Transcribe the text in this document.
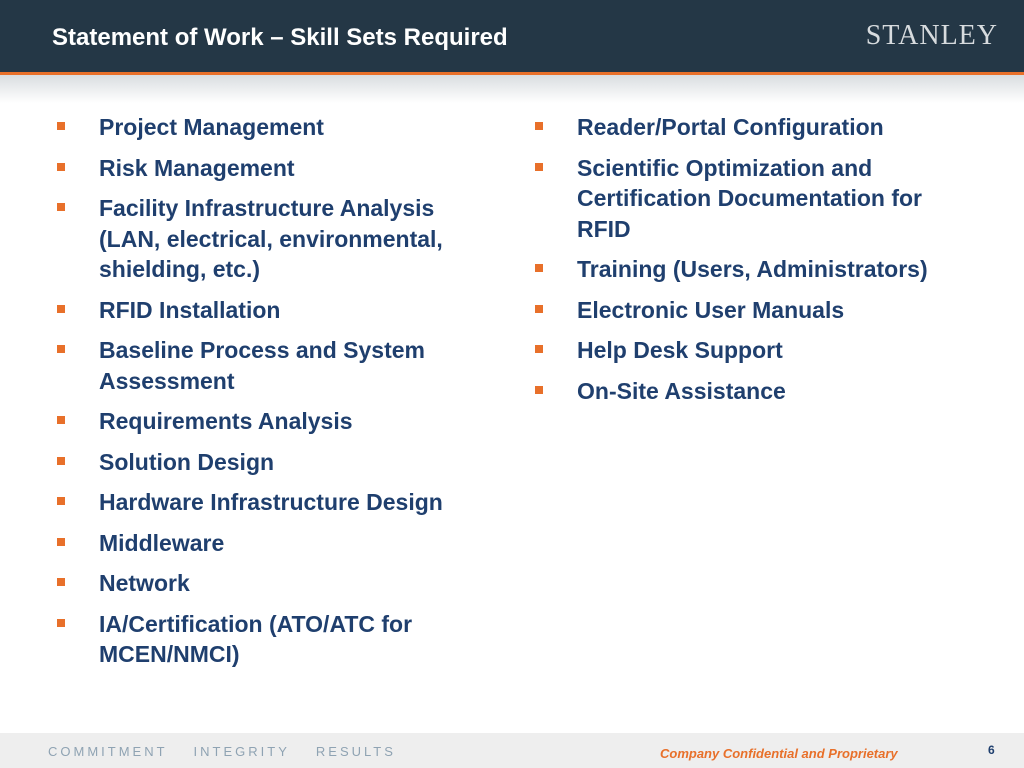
Statement of Work – Skill Sets Required	STANLEY
Project Management
Risk Management
Facility Infrastructure Analysis (LAN, electrical, environmental, shielding, etc.)
RFID Installation
Baseline Process and System Assessment
Requirements Analysis
Solution Design
Hardware Infrastructure Design
Middleware
Network
IA/Certification (ATO/ATC for MCEN/NMCI)
Reader/Portal Configuration
Scientific Optimization and Certification Documentation for RFID
Training (Users, Administrators)
Electronic User Manuals
Help Desk Support
On-Site Assistance
COMMITMENT INTEGRITY RESULTS	Company Confidential and Proprietary	6
